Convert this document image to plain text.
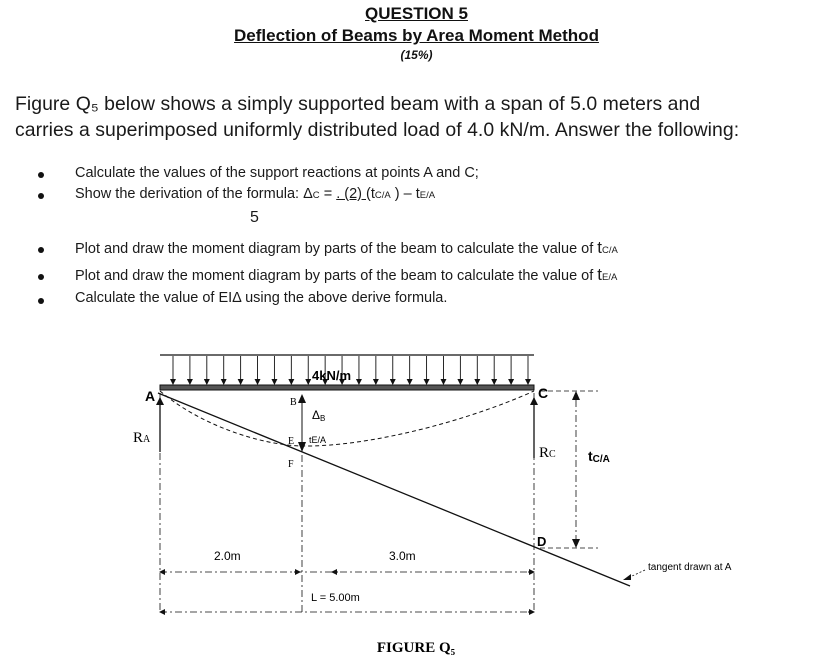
QUESTION 5
Deflection of Beams by Area Moment Method
(15%)
Figure Q₅ below shows a simply supported beam with a span of 5.0 meters and
carries a superimposed uniformly distributed load of 4.0 kN/m. Answer the following:
Calculate the values of the support reactions at points A and C;
Show the derivation of the formula: ΔC = . (2) (tC/A ) – tE/A
5
Plot and draw the moment diagram by parts of the beam to calculate the value of tC/A
Plot and draw the moment diagram by parts of the beam to calculate the value of tE/A
Calculate the value of EIΔ using the above derive formula.
4kN/m
A	C
B
E
F
D
ΔB
tE/A
RA
RC tC/A
2.0m	3.0m
L = 5.00m
tangent drawn at A
FIGURE Q₅
